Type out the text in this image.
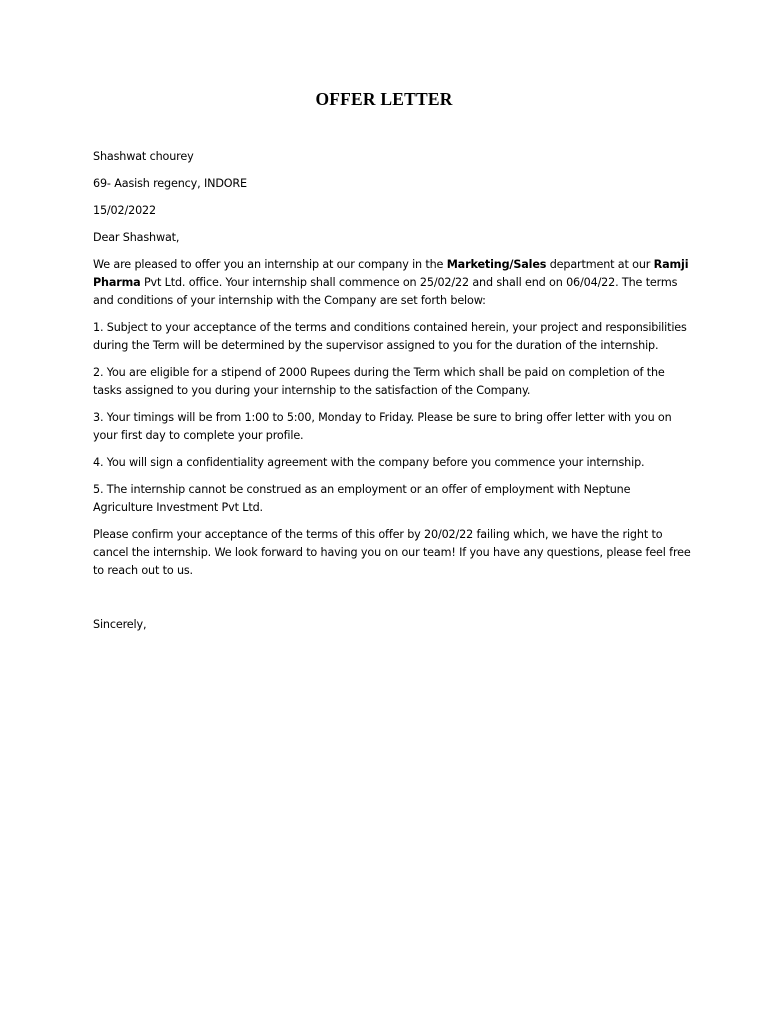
OFFER LETTER

Shashwat chourey

69- Aasish regency, INDORE

15/02/2022

Dear Shashwat,

We are pleased to offer you an internship at our company in the Marketing/Sales department at our Ramji Pharma Pvt Ltd. office. Your internship shall commence on 25/02/22 and shall end on 06/04/22. The terms and conditions of your internship with the Company are set forth below:

1. Subject to your acceptance of the terms and conditions contained herein, your project and responsibilities during the Term will be determined by the supervisor assigned to you for the duration of the internship.

2. You are eligible for a stipend of 2000 Rupees during the Term which shall be paid on completion of the tasks assigned to you during your internship to the satisfaction of the Company.

3. Your timings will be from 1:00 to 5:00, Monday to Friday. Please be sure to bring offer letter with you on your first day to complete your profile.

4. You will sign a confidentiality agreement with the company before you commence your internship.

5. The internship cannot be construed as an employment or an offer of employment with Neptune Agriculture Investment Pvt Ltd.

Please confirm your acceptance of the terms of this offer by 20/02/22 failing which, we have the right to cancel the internship. We look forward to having you on our team! If you have any questions, please feel free to reach out to us.

Sincerely,
